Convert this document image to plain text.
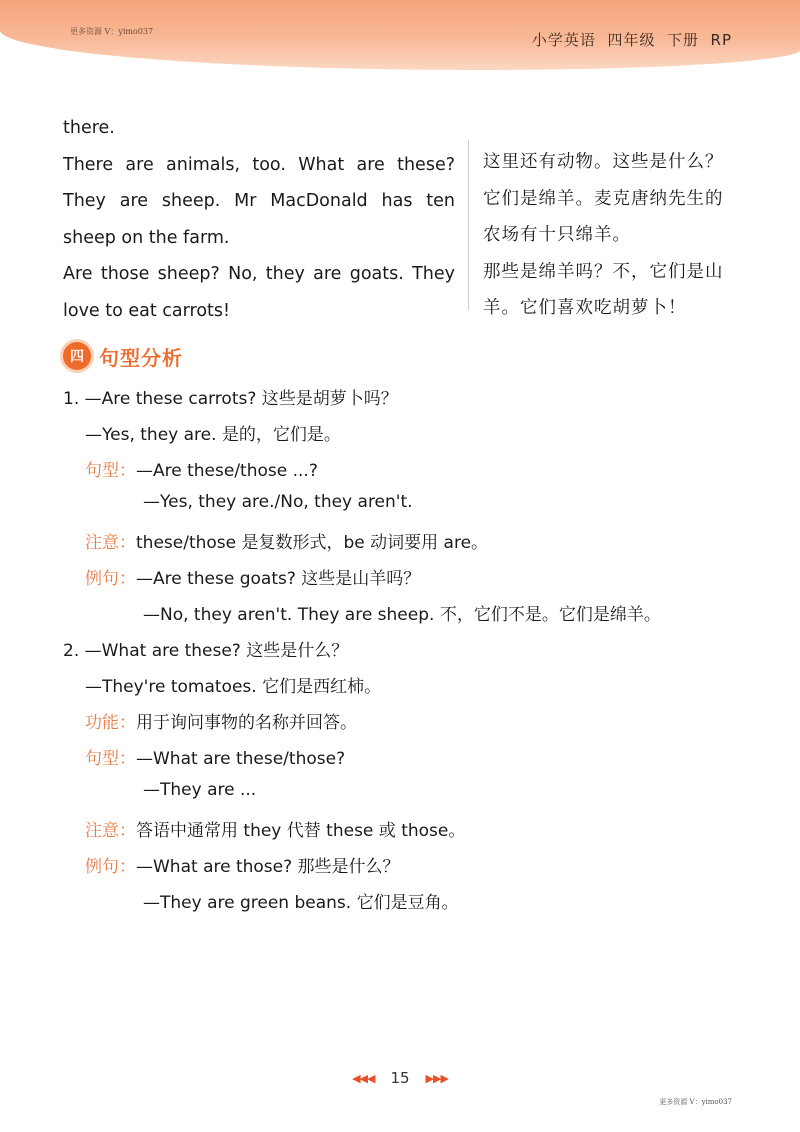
更多资源 V：yimo037	小学英语  四年级  下册  RP

there.

There are animals, too. What are these? They are sheep. Mr MacDonald has ten sheep on the farm.

Are those sheep? No, they are goats. They love to eat carrots!

这里还有动物。这些是什么？它们是绵羊。麦克唐纳先生的农场有十只绵羊。

那些是绵羊吗？不，它们是山羊。它们喜欢吃胡萝卜！

四 句型分析
1. —Are these carrots? 这些是胡萝卜吗？
—Yes, they are. 是的，它们是。
句型：—Are these/those ...?
—Yes, they are./No, they aren't.
注意：these/those 是复数形式，be 动词要用 are。
例句：—Are these goats? 这些是山羊吗？
—No, they aren't. They are sheep. 不，它们不是。它们是绵羊。
2. —What are these? 这些是什么？
—They're tomatoes. 它们是西红柿。
功能：用于询问事物的名称并回答。
句型：—What are these/those?
—They are ...
注意：答语中通常用 they 代替 these 或 those。
例句：—What are those? 那些是什么？
—They are green beans. 它们是豆角。
◀◀◀ 15 ▶▶▶
更多资源 V：yimo037
